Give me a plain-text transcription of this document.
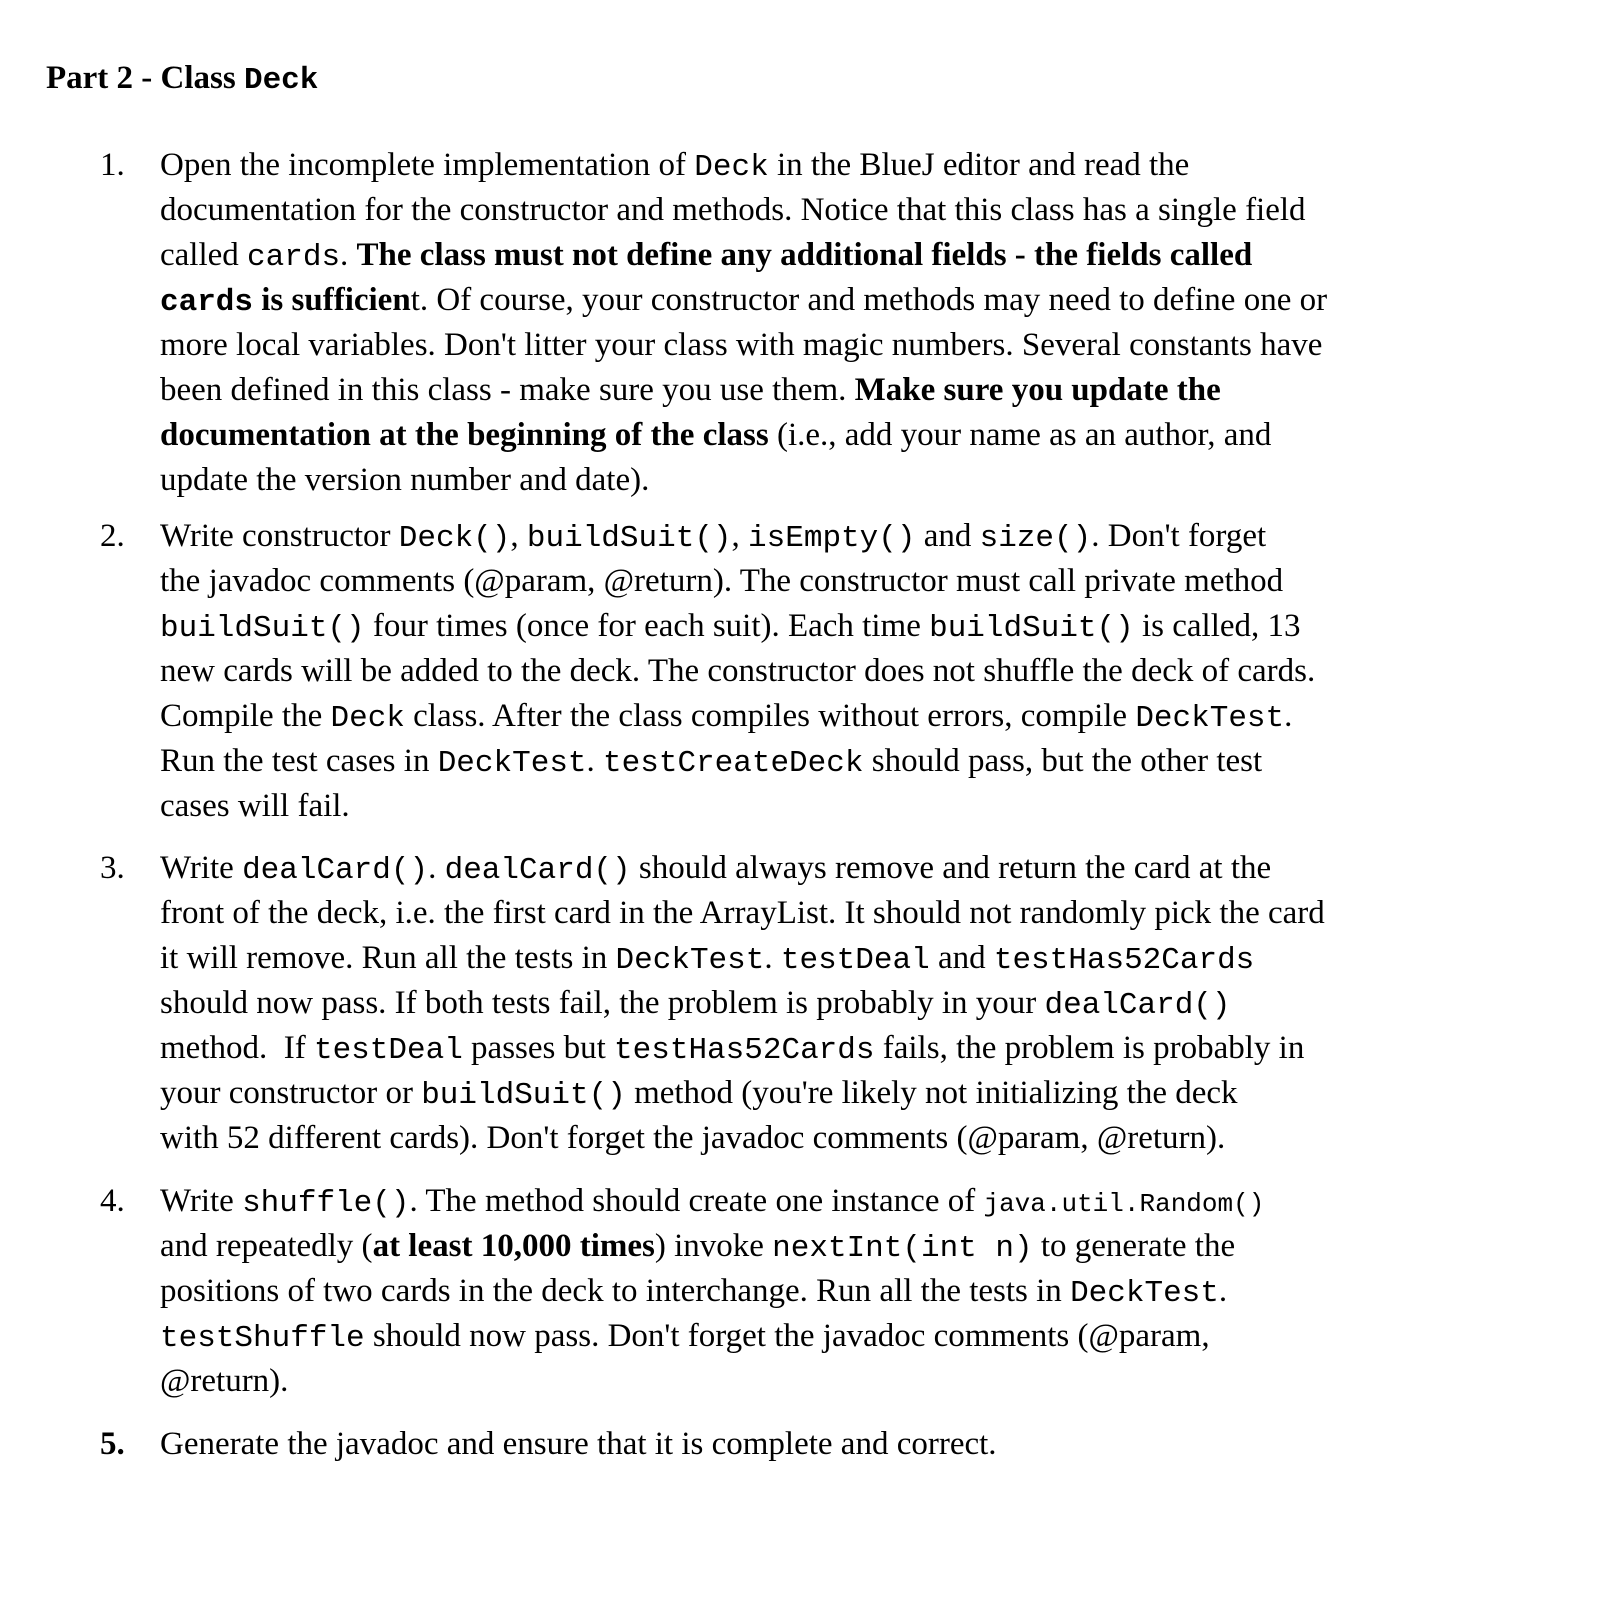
Part 2 - Class Deck
1. Open the incomplete implementation of Deck in the BlueJ editor and read the
documentation for the constructor and methods. Notice that this class has a single field
called cards. The class must not define any additional fields - the fields called
cards is sufficient. Of course, your constructor and methods may need to define one or
more local variables. Don't litter your class with magic numbers. Several constants have
been defined in this class - make sure you use them. Make sure you update the
documentation at the beginning of the class (i.e., add your name as an author, and
update the version number and date).
2. Write constructor Deck(), buildSuit(), isEmpty() and size(). Don't forget
the javadoc comments (@param, @return). The constructor must call private method
buildSuit() four times (once for each suit). Each time buildSuit() is called, 13
new cards will be added to the deck. The constructor does not shuffle the deck of cards.
Compile the Deck class. After the class compiles without errors, compile DeckTest.
Run the test cases in DeckTest. testCreateDeck should pass, but the other test
cases will fail.
3. Write dealCard(). dealCard() should always remove and return the card at the
front of the deck, i.e. the first card in the ArrayList. It should not randomly pick the card
it will remove. Run all the tests in DeckTest. testDeal and testHas52Cards
should now pass. If both tests fail, the problem is probably in your dealCard()
method.  If testDeal passes but testHas52Cards fails, the problem is probably in
your constructor or buildSuit() method (you're likely not initializing the deck
with 52 different cards). Don't forget the javadoc comments (@param, @return).
4. Write shuffle(). The method should create one instance of java.util.Random()
and repeatedly (at least 10,000 times) invoke nextInt(int n) to generate the
positions of two cards in the deck to interchange. Run all the tests in DeckTest.
testShuffle should now pass. Don't forget the javadoc comments (@param,
@return).
5. Generate the javadoc and ensure that it is complete and correct.
